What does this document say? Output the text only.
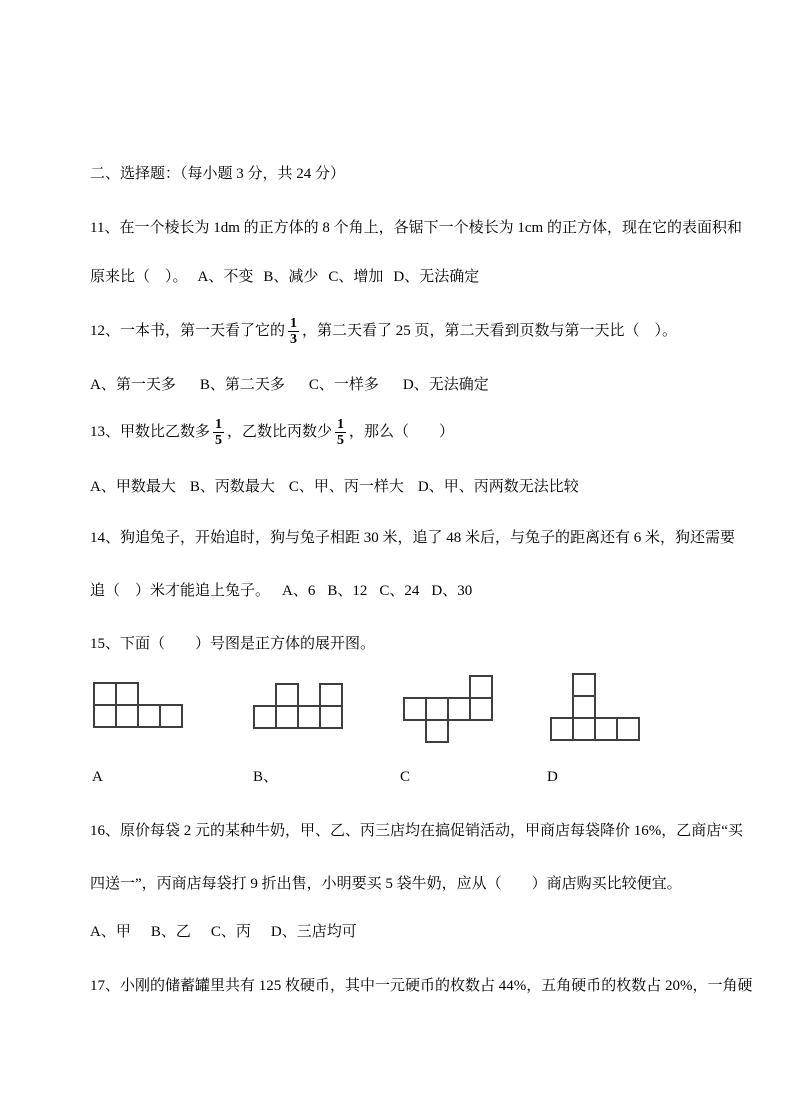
二、选择题：（每小题 3 分，共 24 分）
11、在一个棱长为 1dm 的正方体的 8 个角上，各锯下一个棱长为 1cm 的正方体，现在它的表面积和
原来比（　）。 A、不变 B、减少 C、增加 D、无法确定
12、一本书，第一天看了它的 $\frac{1}{3}$ ，第二天看了 25 页，第二天看到页数与第一天比（　）。
A、第一天多 B、第二天多 C、一样多 D、无法确定
13、甲数比乙数多 $\frac{1}{5}$ ，乙数比丙数少 $\frac{1}{5}$ ，那么（　　）
A、甲数最大 B、丙数最大 C、甲、丙一样大 D、甲、丙两数无法比较
14、狗追兔子，开始追时，狗与兔子相距 30 米，追了 48 米后，与兔子的距离还有 6 米，狗还需要
追（　）米才能追上兔子。 A、6 B、12 C、24 D、30
15、下面（　　）号图是正方体的展开图。
A	B、	C	D
16、原价每袋 2 元的某种牛奶，甲、乙、丙三店均在搞促销活动，甲商店每袋降价 16%，乙商店“买
四送一”，丙商店每袋打 9 折出售，小明要买 5 袋牛奶，应从（　　）商店购买比较便宜。
A、甲 B、乙 C、丙 D、三店均可
17、小刚的储蓄罐里共有 125 枚硬币，其中一元硬币的枚数占 44%，五角硬币的枚数占 20%，一角硬
